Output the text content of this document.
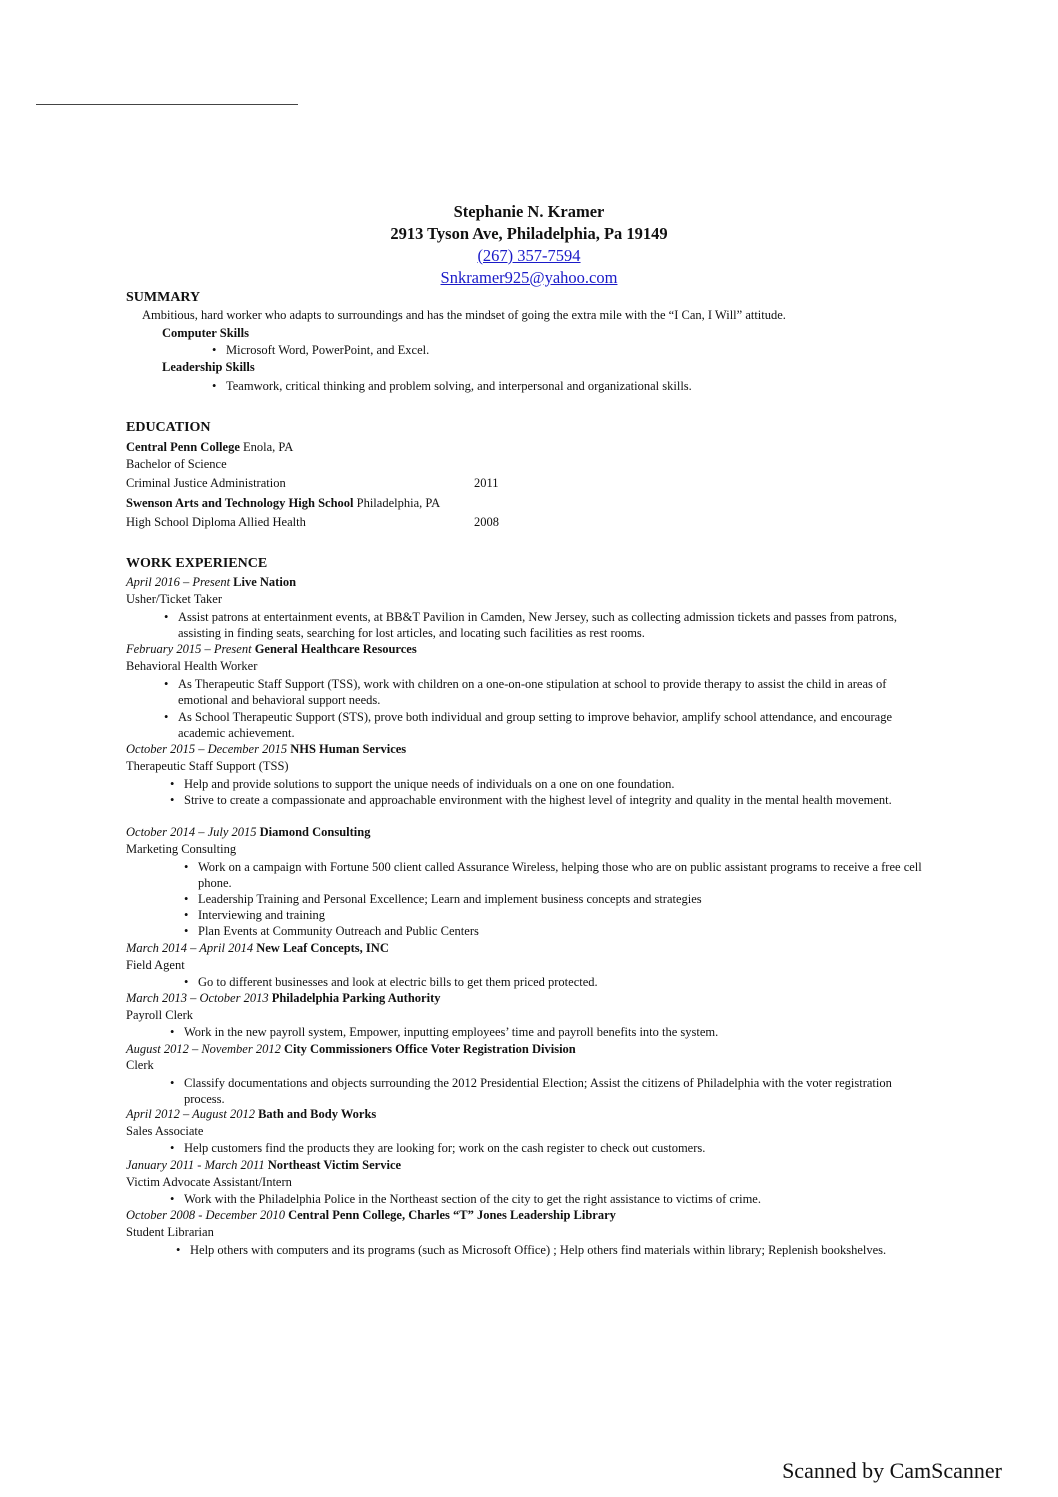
Stephanie N. Kramer
2913 Tyson Ave, Philadelphia, Pa 19149
(267) 357-7594
Snkramer925@yahoo.com
SUMMARY
Ambitious, hard worker who adapts to surroundings and has the mindset of going the extra mile with the “I Can, I Will” attitude.
Computer Skills
• Microsoft Word, PowerPoint, and Excel.
Leadership Skills
• Teamwork, critical thinking and problem solving, and interpersonal and organizational skills.
EDUCATION
Central Penn College Enola, PA
Bachelor of Science
Criminal Justice Administration	2011
Swenson Arts and Technology High School Philadelphia, PA
High School Diploma Allied Health	2008
WORK EXPERIENCE
April 2016 – Present Live Nation
Usher/Ticket Taker
• Assist patrons at entertainment events, at BB&T Pavilion in Camden, New Jersey, such as collecting admission tickets and passes from patrons, assisting in finding seats, searching for lost articles, and locating such facilities as rest rooms.
February 2015 – Present General Healthcare Resources
Behavioral Health Worker
• As Therapeutic Staff Support (TSS), work with children on a one-on-one stipulation at school to provide therapy to assist the child in areas of emotional and behavioral support needs.
• As School Therapeutic Support (STS), prove both individual and group setting to improve behavior, amplify school attendance, and encourage academic achievement.
October 2015 – December 2015 NHS Human Services
Therapeutic Staff Support (TSS)
• Help and provide solutions to support the unique needs of individuals on a one on one foundation.
• Strive to create a compassionate and approachable environment with the highest level of integrity and quality in the mental health movement.
October 2014 – July 2015 Diamond Consulting
Marketing Consulting
• Work on a campaign with Fortune 500 client called Assurance Wireless, helping those who are on public assistant programs to receive a free cell phone.
• Leadership Training and Personal Excellence; Learn and implement business concepts and strategies
• Interviewing and training
• Plan Events at Community Outreach and Public Centers
March 2014 – April 2014 New Leaf Concepts, INC
Field Agent
• Go to different businesses and look at electric bills to get them priced protected.
March 2013 – October 2013 Philadelphia Parking Authority
Payroll Clerk
• Work in the new payroll system, Empower, inputting employees’ time and payroll benefits into the system.
August 2012 – November 2012 City Commissioners Office Voter Registration Division
Clerk
• Classify documentations and objects surrounding the 2012 Presidential Election; Assist the citizens of Philadelphia with the voter registration process.
April 2012 – August 2012 Bath and Body Works
Sales Associate
• Help customers find the products they are looking for; work on the cash register to check out customers.
January 2011 - March 2011 Northeast Victim Service
Victim Advocate Assistant/Intern
• Work with the Philadelphia Police in the Northeast section of the city to get the right assistance to victims of crime.
October 2008 - December 2010 Central Penn College, Charles “T” Jones Leadership Library
Student Librarian
• Help others with computers and its programs (such as Microsoft Office) ; Help others find materials within library; Replenish bookshelves.
Scanned by CamScanner
